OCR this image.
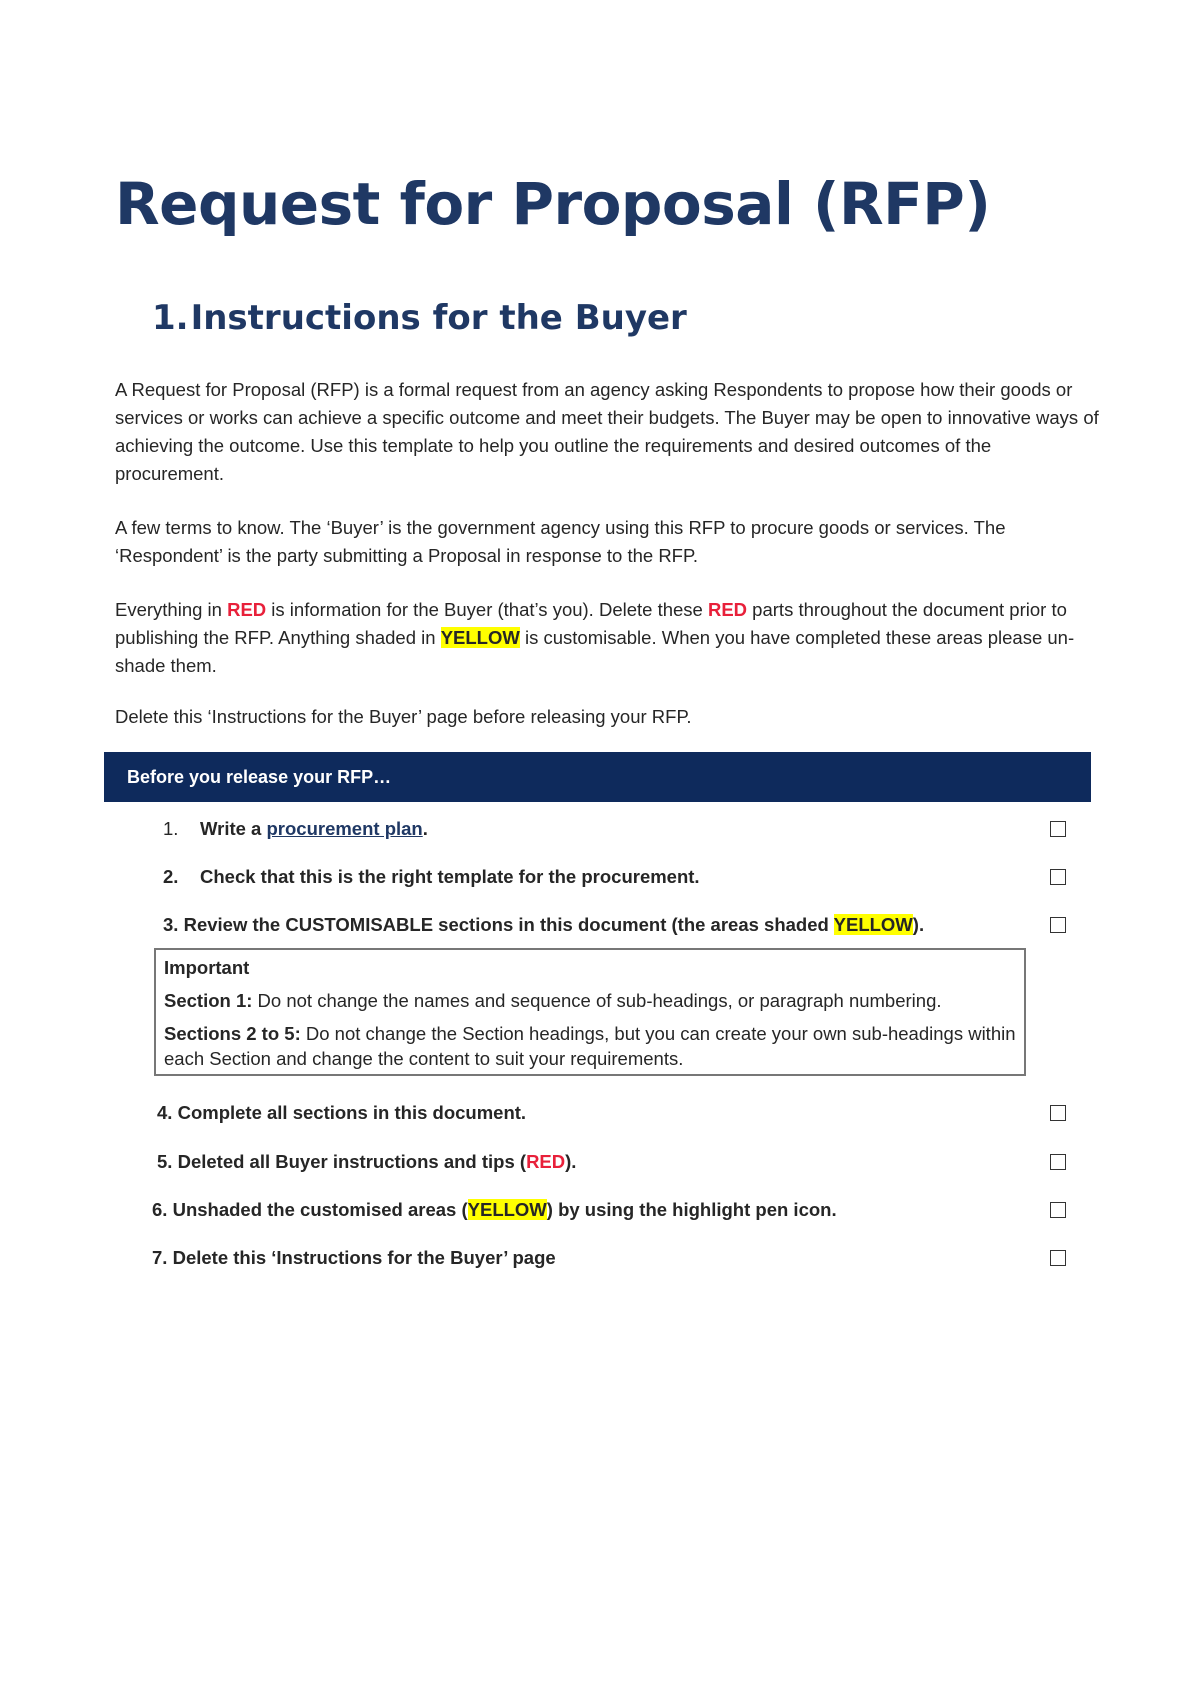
Request for Proposal (RFP)
1.Instructions for the Buyer

A Request for Proposal (RFP) is a formal request from an agency asking Respondents to propose how their goods or services or works can achieve a specific outcome and meet their budgets. The Buyer may be open to innovative ways of achieving the outcome. Use this template to help you outline the requirements and desired outcomes of the procurement.

A few terms to know. The ‘Buyer’ is the government agency using this RFP to procure goods or services. The ‘Respondent’ is the party submitting a Proposal in response to the RFP.

Everything in RED is information for the Buyer (that’s you). Delete these RED parts throughout the document prior to publishing the RFP. Anything shaded in YELLOW is customisable. When you have completed these areas please un-shade them.

Delete this ‘Instructions for the Buyer’ page before releasing your RFP.

Before you release your RFP…
1. Write a procurement plan.
2. Check that this is the right template for the procurement.
3. Review the CUSTOMISABLE sections in this document (the areas shaded YELLOW).
Important
Section 1: Do not change the names and sequence of sub-headings, or paragraph numbering.
Sections 2 to 5: Do not change the Section headings, but you can create your own sub-headings within each Section and change the content to suit your requirements.
4. Complete all sections in this document.
5. Deleted all Buyer instructions and tips (RED).
6. Unshaded the customised areas (YELLOW) by using the highlight pen icon.
7. Delete this ‘Instructions for the Buyer’ page
